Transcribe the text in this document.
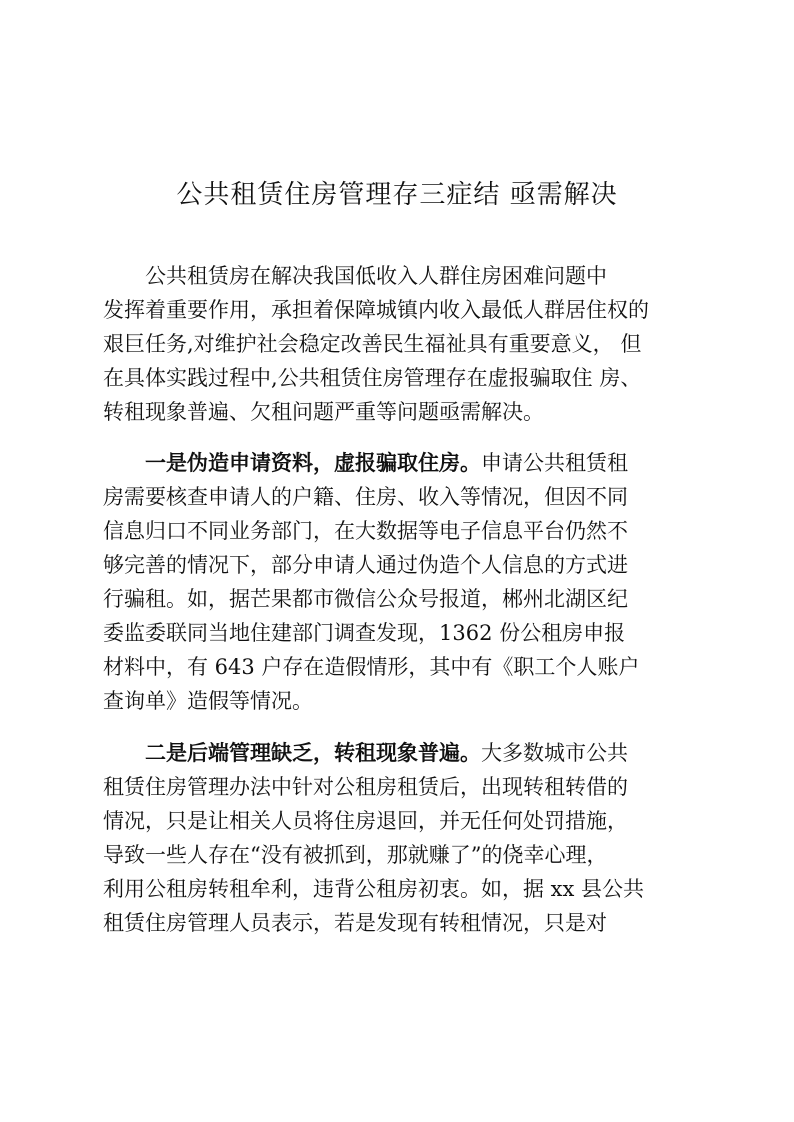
公共租赁住房管理存三症结 亟需解决

公共租赁房在解决我国低收入人群住房困难问题中

发挥着重要作用，承担着保障城镇内收入最低人群居住权的

艰巨任务,对维护社会稳定改善民生福祉具有重要意义， 但

在具体实践过程中,公共租赁住房管理存在虚报骗取住 房、

转租现象普遍、欠租问题严重等问题亟需解决。

一是伪造申请资料，虚报骗取住房。申请公共租赁租

房需要核查申请人的户籍、住房、收入等情况，但因不同

信息归口不同业务部门，在大数据等电子信息平台仍然不

够完善的情况下，部分申请人通过伪造个人信息的方式进

行骗租。如，据芒果都市微信公众号报道，郴州北湖区纪

委监委联同当地住建部门调查发现，1362 份公租房申报

材料中，有 643 户存在造假情形，其中有《职工个人账户

查询单》造假等情况。

二是后端管理缺乏，转租现象普遍。大多数城市公共

租赁住房管理办法中针对公租房租赁后，出现转租转借的

情况，只是让相关人员将住房退回，并无任何处罚措施，

导致一些人存在“没有被抓到，那就赚了”的侥幸心理，

利用公租房转租牟利，违背公租房初衷。如，据 xx 县公共

租赁住房管理人员表示，若是发现有转租情况，只是对
